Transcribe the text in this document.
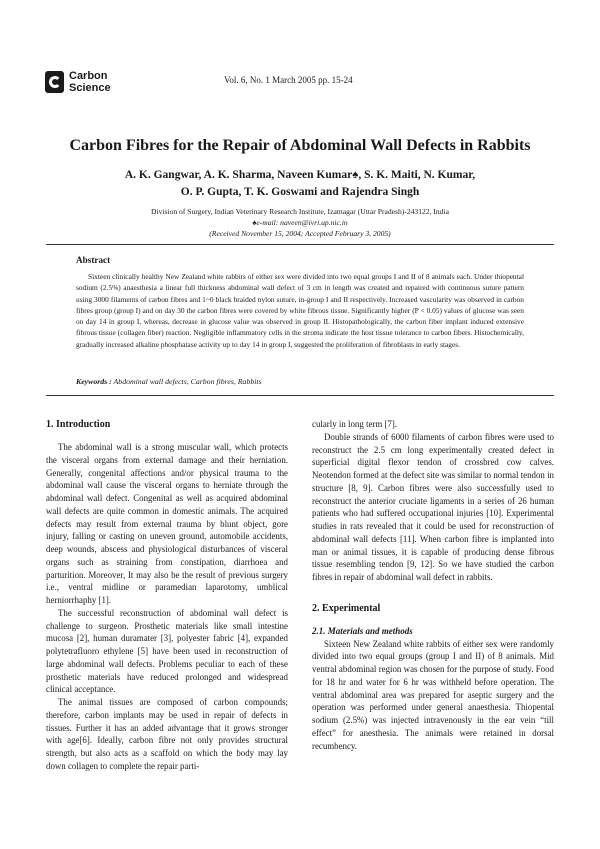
Carbon
Science
Vol. 6, No. 1 March 2005 pp. 15-24
Carbon Fibres for the Repair of Abdominal Wall Defects in Rabbits
A. K. Gangwar, A. K. Sharma, Naveen Kumar♠, S. K. Maiti, N. Kumar,
O. P. Gupta, T. K. Goswami and Rajendra Singh
Division of Surgery, Indian Veterinary Research Institute, Izatnagar (Uttar Pradesh)-243122, India
♠e-mail: naveen@ivri.up.nic.in
(Received November 15, 2004; Accepted February 3, 2005)
Abstract

Sixteen clinically healthy New Zealand white rabbits of either sex were divided into two equal groups I and II of 8 animals each. Under thiopental sodium (2.5%) anaesthesia a linear full thickness abdominal wall defect of 3 cm in length was created and repaired with continuous suture pattern using 3000 filaments of carbon fibres and 1~0 black braided nylon suture, in-group I and II respectively. Increased vascularity was observed in carbon fibres group (group I) and on day 30 the carbon fibres were covered by white fibrous tissue. Significantly higher (P < 0.05) values of glucose was seen on day 14 in group I, whereas, decrease in glucose value was observed in group II. Histopathologically, the carbon fiber implant induced extensive fibrous tissue (collagen fiber) reaction. Negligible inflammatory cells in the stroma indicate the host tissue tolerance to carbon fibers. Histochemically, gradually increased alkaline phosphatase activity up to day 14 in group I, suggested the proliferation of fibroblasts in early stages.

Keywords : Abdominal wall defects, Carbon fibres, Rabbits
1. Introduction

The abdominal wall is a strong muscular wall, which protects the visceral organs from external damage and their herniation. Generally, congenital affections and/or physical trauma to the abdominal wall cause the visceral organs to herniate through the abdominal wall defect. Congenital as well as acquired abdominal wall defects are quite common in domestic animals. The acquired defects may result from external trauma by blunt object, gore injury, falling or casting on uneven ground, automobile accidents, deep wounds, abscess and physiological disturbances of visceral organs such as straining from constipation, diarrhoea and parturition. Moreover, It may also be the result of previous surgery i.e., ventral midline or paramedian laparotomy, umblical herniorrhaphy [1].

The successful reconstruction of abdominal wall defect is challenge to surgeon. Prosthetic materials like small intestine mucosa [2], human duramater [3], polyester fabric [4], expanded polytetrafluoro ethylene [5] have been used in reconstruction of large abdominal wall defects. Problems peculiar to each of these prosthetic materials have reduced prolonged and widespread clinical acceptance.

The animal tissues are composed of carbon compounds; therefore, carbon implants may be used in repair of defects in tissues. Further it has an added advantage that it grows stronger with age[6]. Ideally, carbon fibre not only provides structural strength, but also acts as a scaffold on which the body may lay down collagen to complete the repair parti-

cularly in long term [7].

Double strands of 6000 filaments of carbon fibres were used to reconstruct the 2.5 cm long experimentally created defect in superficial digital flexor tendon of crossbred cow calves. Neotendon formed at the defect site was similar to normal tendon in structure [8, 9]. Carbon fibres were also successfully used to reconstruct the anterior cruciate ligaments in a series of 26 human patients who had suffered occupational injuries [10]. Experimental studies in rats revealed that it could be used for reconstruction of abdominal wall defects [11]. When carbon fibre is implanted into man or animal tissues, it is capable of producing dense fibrous tissue resembling tendon [9, 12]. So we have studied the carbon fibres in repair of abdominal wall defect in rabbits.

2. Experimental
2.1. Materials and methods

Sixteen New Zealand white rabbits of either sex were randomly divided into two equal groups (group I and II) of 8 animals. Mid ventral abdominal region was chosen for the purpose of study. Food for 18 hr and water for 6 hr was withheld before operation. The ventral abdominal area was prepared for aseptic surgery and the operation was performed under general anaesthesia. Thiopental sodium (2.5%) was injected intravenously in the ear vein “till effect” for anesthesia. The animals were retained in dorsal recumbency.
